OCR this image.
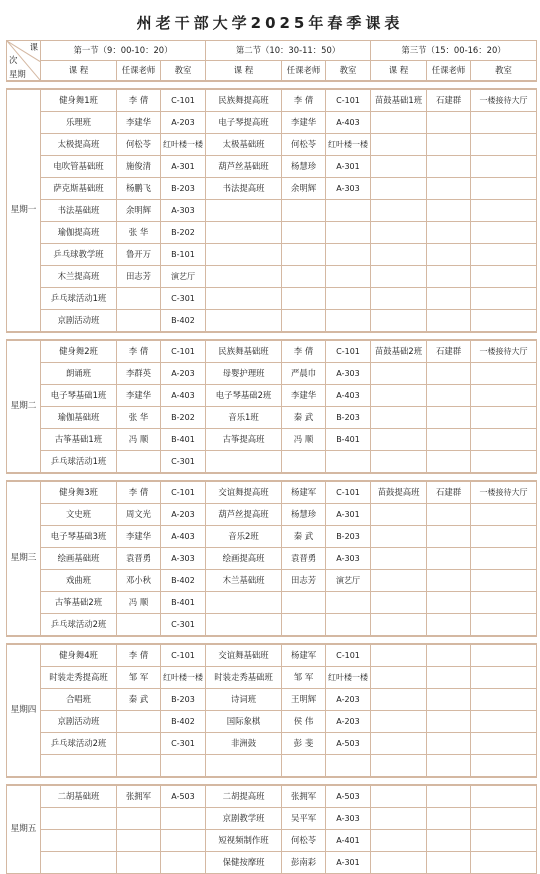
州老干部大学2025年春季课表
课
次
星期	第一节（9：00-10：20）			第二节（10：30-11：50）			第三节（15：00-16：20）		
	课 程	任课老师	教室	课 程	任课老师	教室	课 程	任课老师	教室

星期一	健身舞1班	李 倩	C-101	民族舞提高班	李 倩	C-101	苗鼓基础1班	石建群	一楼接待大厅
	乐理班	李建华	A-203	电子琴提高班	李建华	A-403			
	太极提高班	何松苓	红叶楼一楼	太极基础班	何松苓	红叶楼一楼			
	电吹管基础班	施俊清	A-301	葫芦丝基础班	杨慧珍	A-301			
	萨克斯基础班	杨鹏飞	B-203	书法提高班	余明辉	A-303			
	书法基础班	余明辉	A-303						
	瑜伽提高班	张 华	B-202						
	乒乓球教学班	鲁开万	B-101						
	木兰提高班	田志芳	演艺厅						
	乒乓球活动1班		C-301						
	京剧活动班		B-402						

星期二	健身舞2班	李 倩	C-101	民族舞基础班	李 倩	C-101	苗鼓基础2班	石建群	一楼接待大厅
	朗诵班	李群英	A-203	母婴护理班	严晨巾	A-303			
	电子琴基础1班	李建华	A-403	电子琴基础2班	李建华	A-403			
	瑜伽基础班	张 华	B-202	音乐1班	秦 武	B-203			
	古筝基础1班	冯 顺	B-401	古筝提高班	冯 顺	B-401			
	乒乓球活动1班		C-301						

星期三	健身舞3班	李 倩	C-101	交谊舞提高班	杨建军	C-101	苗鼓提高班	石建群	一楼接待大厅
	文史班	周文光	A-203	葫芦丝提高班	杨慧珍	A-301			
	电子琴基础3班	李建华	A-403	音乐2班	秦 武	B-203			
	绘画基础班	袁晋勇	A-303	绘画提高班	袁晋勇	A-303			
	戏曲班	邓小秋	B-402	木兰基础班	田志芳	演艺厅			
	古筝基础2班	冯 顺	B-401						
	乒乓球活动2班		C-301						

星期四	健身舞4班	李 倩	C-101	交谊舞基础班	杨建军	C-101			
	时装走秀提高班	邹 军	红叶楼一楼	时装走秀基础班	邹 军	红叶楼一楼			
	合唱班	秦 武	B-203	诗词班	王明辉	A-203			
	京剧活动班		B-402	国际象棋	侯 伟	A-203			
	乒乓球活动2班		C-301	非洲鼓	彭 斐	A-503			

星期五	二胡基础班	张拥军	A-503	二胡提高班	张拥军	A-503			
				京剧教学班	吴平军	A-303			
				短视频制作班	何松苓	A-401			
				保健按摩班	彭南彩	A-301			
